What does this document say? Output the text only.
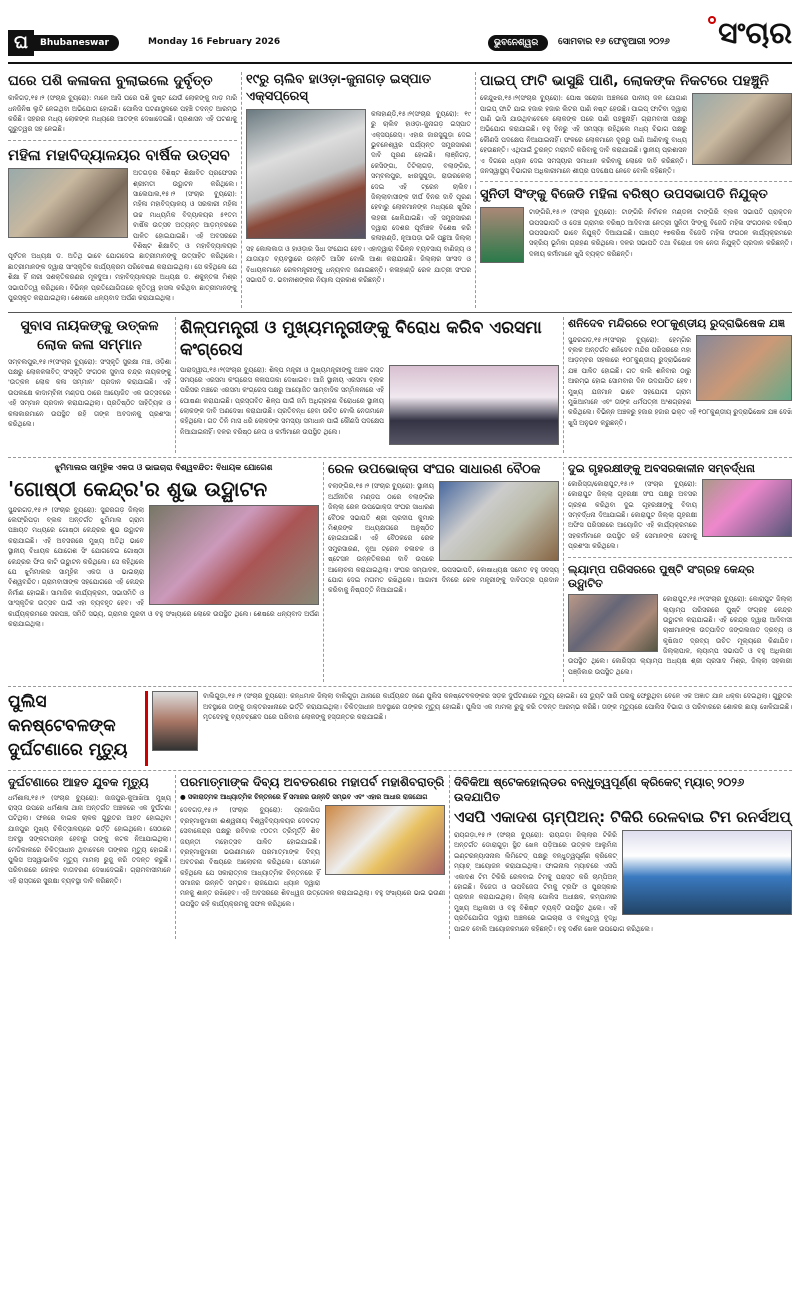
ଘ	Bhubaneswar	Monday 16 February 2026	ଭୁବନେଶ୍ୱର	ସୋମବାର ୧୬ ଫେବୃଆରୀ ୨୦୨୬	ସଂଚାର
ଘରେ ପଶି କଳାକନା ବୁଲାଇଲେ ଦୁର୍ବୃତ୍ତ
କାଳିଗଡ଼,୧୫।୨ (ସଂଚାର ବ୍ୟୁରୋ): ମାଳେ ଆସି ଘରେ ପଶି ଦୁଷ୍ଟ ଯେଉଁ ଲୋକଙ୍କୁ ମାଡ଼ ମାରି ଧନଜିନିଷ ଲୁଟି ନେଇଥିବା ଅଭିଯୋଗ ହୋଇଛି। ପୋଲିସ ଘଟଣାସ୍ଥଳରେ ପହଞ୍ଚି ତଦନ୍ତ ଆରମ୍ଭ କରିଛି। ସହରର ମଧ୍ୟ ଲୋକଙ୍କ ମଧ୍ୟରେ ଆତଙ୍କ ଦେଖାଦେଇଛି। ପ୍ରଶାସନ ଏହି ଘଟଣାକୁ ଗୁରୁତ୍ୱର ସହ ନେଇଛି।
ମହିଳା ମହାବିଦ୍ୟାଳୟର ବାର୍ଷିକ ଉତ୍ସବ
ଅତଗଡ଼ର ବିଶିଷ୍ଟ ଶିକ୍ଷାବିତ ପ୍ରଫେସର ଶ୍ରୀମତୀ ଉଦ୍ଘାଟନ କରିଥିଲେ। ସାଲେପାଲ,୧୫।୨ (ସଂଚାର ବ୍ୟୁରୋ): ମହିଳା ମହାବିଦ୍ୟାଳୟ ଓ ସରକାରୀ ମହିଳା ଉଚ୍ଚ ମାଧ୍ୟମିକ ବିଦ୍ୟାଳୟର ୫୧ତମ ବାର୍ଷିକ ଉତ୍ସବ ଅତ୍ୟନ୍ତ ଆଡ଼ମ୍ବରରେ ପାଳିତ ହୋଇଯାଇଛି। ଏହି ଅବସରରେ ବିଶିଷ୍ଟ ଶିକ୍ଷାବିତ୍ ଓ ମହାବିଦ୍ୟାଳୟର ପୂର୍ବତନ ଅଧ୍ୟକ୍ଷ ଡ. ଅତିଥି ଭାବେ ଯୋଗଦେଇ ଛାତ୍ରୀମାନଙ୍କୁ ଉତ୍ସାହିତ କରିଥିଲେ। ଛାତ୍ରୀମାନଙ୍କ ଦ୍ୱାରା ସାଂସ୍କୃତିକ କାର୍ଯ୍ୟକ୍ରମ ପରିବେଷଣ କରାଯାଇଥିଲା। ସେ କହିଥିଲେ ଯେ ଶିକ୍ଷା ହିଁ ନାରୀ ସଶକ୍ତିକରଣର ମୂଳଦୁଆ। ମହାବିଦ୍ୟାଳୟର ଅଧ୍ୟକ୍ଷ ଡ. ଶକୁନ୍ତଳା ମିଶ୍ର ସଭାପତିତ୍ୱ କରିଥିଲେ। ବିଭିନ୍ନ ପ୍ରତିଯୋଗିତାରେ କୃତିତ୍ୱ ହାସଲ କରିଥିବା ଛାତ୍ରୀମାନଙ୍କୁ ପୁରସ୍କୃତ କରାଯାଇଥିଲା। ଶେଷରେ ଧନ୍ୟବାଦ ଅର୍ପଣ କରାଯାଇଥିଲା।
୧୯ରୁ ଚାଲିବ ହାଓଡ଼ା-ଜୁନାଗଡ଼ ଇସ୍ପାତ ଏକ୍ସପ୍ରେସ୍
କଳାହାଣ୍ଡି,୧୫।୨(ସଂଚାର ବ୍ୟୁରୋ): ୧୯ ରୁ ଚାଲିବ ହାଓଡ଼ା-ଜୁନାଗଡ଼ ଇସ୍ପାତ ଏକ୍ସପ୍ରେସ୍। ଏହାର ଜାରସୁଗୁଡ଼ା ଦେଇ ଭୁବନେଶ୍ୱର ପର୍ଯ୍ୟନ୍ତ ସମ୍ପ୍ରସାରଣ ଦାବି ପୂରଣ ହୋଇଛି। ଲାଞ୍ଜିଗଡ଼, କେସିଙ୍ଗା, ତିଟିଲାଗଡ଼, ବଲାଙ୍ଗିର, ସମ୍ବଲପୁର, ଝାରସୁଗୁଡ଼ା, ରାଉରକେଲା ଦେଇ ଏହି ଟ୍ରେନ ଚାଲିବ। ଜିଲ୍ଲାବାସୀଙ୍କ ଦୀର୍ଘ ଦିନର ଦାବି ପୂରଣ ହେବାରୁ ଲୋକମାନଙ୍କ ମଧ୍ୟରେ ଖୁସିର ଲହରୀ ଖେଳିଯାଇଛି। ଏହି ସମ୍ପ୍ରସାରଣ ଦ୍ୱାରା ଦେଶର ପୂର୍ବାଞ୍ଚଳ ବିଶେଷ କରି କଳାହାଣ୍ଡି, ନୂଆପଡ଼ା ଭଳି ପଛୁଆ ଜିଲ୍ଲା ସହ କୋଲକାତା ଓ ହାଓଡ଼ାର ସିଧା ସଂଯୋଗ ହେବ। ଏହାଦ୍ୱାରା ବିଭିନ୍ନ ବ୍ୟବସାୟ ବାଣିଜ୍ୟ ଓ ଯାତାୟାତ ବ୍ୟବସ୍ଥାରେ ଉନ୍ନତି ଆସିବ ବୋଲି ଆଶା କରାଯାଉଛି। ଜିଲ୍ଲାର ସାଂସଦ ଓ ବିଧାୟକମାନେ ରେଳମନ୍ତ୍ରୀଙ୍କୁ ଧନ୍ୟବାଦ ଜଣାଇଛନ୍ତି। କଳାହାଣ୍ଡି ରେଳ ଯାତ୍ରୀ ସଂଘର ସଭାପତି ଡ. ଭବାନୀଶଙ୍କର ନିୟାଲ ପ୍ରକାଶ କରିଛନ୍ତି।
ପାଇପ୍ ଫାଟି ଭାସୁଛି ପାଣି, ଲୋକଙ୍କ ନିକଟରେ ପହଞ୍ଚୁନି
କେନ୍ଦୁଝର,୧୫।୨(ସଂଚାର ବ୍ୟୁରୋ): ଘୋଷ ସରୋଜା ଅଞ୍ଚଳରେ ପାନୀୟ ଜଳ ଯୋଗାଣ ପାଇପ୍ ଫାଟି ଯାଇ ହଜାର ହଜାର ଲିଟର ପାଣି ନଷ୍ଟ ହେଉଛି। ପାଇପ୍ ଫାଟିବା ଦ୍ୱାରା ପାଣି ଭାସି ଯାଉଥିବାବେଳେ ଲୋକଙ୍କ ଘରେ ପାଣି ପହଞ୍ଚୁନାହିଁ। ଗ୍ରାମବାସୀ ପକ୍ଷରୁ ଅଭିଯୋଗ କରାଯାଇଛି। ବହୁ ଦିନରୁ ଏହି ସମସ୍ୟା ରହିଥିଲେ ମଧ୍ୟ ବିଭାଗ ପକ୍ଷରୁ କୌଣସି ପଦକ୍ଷେପ ନିଆଯାଇନାହିଁ। ଫଳରେ ଲୋକମାନେ ଦୂରରୁ ପାଣି ଆଣିବାକୁ ବାଧ୍ୟ ହେଉଛନ୍ତି। ଏଥିପାଇଁ ତୁରନ୍ତ ମରାମତି କରିବାକୁ ଦାବି କରାଯାଇଛି। ସ୍ଥାନୀୟ ପ୍ରଶାସନ ଏ ଦିଗରେ ଧ୍ୟାନ ଦେଇ ସମସ୍ୟାର ସମାଧାନ କରିବାକୁ ଲୋକେ ଦାବି କରିଛନ୍ତି। ଜନସ୍ୱାସ୍ଥ୍ୟ ବିଭାଗର ଅଧିକାରୀମାନେ ଶୀଘ୍ର ପଦକ୍ଷେପ ନେବେ ବୋଲି କହିଛନ୍ତି।
ସୁନିତୀ ସିଂଙ୍କୁ ବିଜେଡି ମହିଳା ବରିଷ୍ଠ ଉପସଭାପତି ନିଯୁକ୍ତ
ଟାଙ୍ଗିରି,୧୫।୨ (ସଂଚାର ବ୍ୟୁରୋ): ଟାଙ୍ଗିରି ନିର୍ବାଚନ ମଣ୍ଡଳୀ ଟାଙ୍ଗିରି ବ୍ଲକ ସଭାପତି ପ୍ରାକ୍ତନ ଉପସଭାପତି ଓ ଡେଞ୍ଚ ଗ୍ରାମର ବରିଷ୍ଠ ଆଦିବାସୀ ନେତ୍ରୀ ସୁନିତୀ ସିଂଙ୍କୁ ବିଜେଡି ମହିଳା ସଂଗଠନର ବରିଷ୍ଠ ଉପସଭାପତି ଭାବେ ନିଯୁକ୍ତି ଦିଆଯାଇଛି। ପଞ୍ଚାୟତ ୧୭କରିଷ ବିଜେଡି ମହିଳା ସଂଗଠନ କାର୍ଯ୍ୟକ୍ରମରେ ସକ୍ରିୟ ଭୂମିକା ଗ୍ରହଣ କରିଥିଲେ। ଦଳର ସଭାପତି ତଥା ବିରୋଧୀ ଦଳ ନେତା ନିଯୁକ୍ତି ପ୍ରଦାନ କରିଛନ୍ତି। ଦଳୀୟ କର୍ମୀମାନେ ଖୁସି ବ୍ୟକ୍ତ କରିଛନ୍ତି।
ସୁବାସ ନାୟକଙ୍କୁ ଉତ୍କଳ ଲୋକ କଳା ସମ୍ମାନ
ସମ୍ବଲପୁର,୧୫।୨(ସଂଚାର ବ୍ୟୁରୋ): ସଂସ୍କୃତି ସୁରକ୍ଷା ମଞ୍ଚ, ଓଡ଼ିଶା ପକ୍ଷରୁ ଲୋକକଳାବିତ୍ ସଂସ୍କୃତି ସଂଗଠକ ସୁବାସ ଚନ୍ଦ୍ର ନାୟକଙ୍କୁ 'ଉତ୍କଳ ଲୋକ କଳା ସମ୍ମାନ' ପ୍ରଦାନ କରାଯାଇଛି। ଏହି ଉପଲକ୍ଷେ କାଦାମ୍ବିନୀ ମଣ୍ଡପ ଠାରେ ଆୟୋଜିତ ଏକ ଉତ୍ସବରେ ଏହି ସମ୍ମାନ ପ୍ରଦାନ କରାଯାଇଥିଲା। ପ୍ରତିଷ୍ଠିତ ସାହିତ୍ୟିକ ଓ କଳାକାରମାନେ ଉପସ୍ଥିତ ରହି ତାଙ୍କ ଅବଦାନକୁ ପ୍ରଶଂସା କରିଥିଲେ।
ଶିଳ୍ପମନ୍ତ୍ରୀ ଓ ମୁଖ୍ୟମନ୍ତ୍ରୀଙ୍କୁ ବିରୋଧ କରିବ ଏରସମା କଂଗ୍ରେସ
ପାରାଦ୍ୱୀପ,୧୫।୨(ସଂଚାର ବ୍ୟୁରୋ): ଶିଳ୍ପ ମନ୍ତ୍ରୀ ଓ ମୁଖ୍ୟମନ୍ତ୍ରୀଙ୍କୁ ଅଞ୍ଚଳ ଗସ୍ତ ସମୟରେ ଏରସମା କଂଗ୍ରେସ କଳାପତାକା ଦେଖାଇବ। ଆଜି ସ୍ଥାନୀୟ ଏରସମା ବ୍ଲକ ପରିସର ମଞ୍ଚରେ ଏରସମା କଂଗ୍ରେସ ପକ୍ଷରୁ ଆୟୋଜିତ ସାମ୍ବାଦିକ ସମ୍ମିଳନୀରେ ଏହି ଘୋଷଣା କରାଯାଇଛି। ପ୍ରସ୍ତାବିତ ଶିଳ୍ପ ପାଇଁ ଜମି ଅଧିଗ୍ରହଣ ବିରୋଧରେ ସ୍ଥାନୀୟ ଲୋକଙ୍କ ଦାବି ଅଣଦେଖା କରାଯାଉଛି। ପ୍ରତିବନ୍ଧ ହେବା ଉଚିତ ବୋଲି ନେତାମାନେ କହିଥିଲେ। ଗତ ତିନି ମାସ ଧରି ଲୋକଙ୍କ ସମସ୍ୟା ସମାଧାନ ପାଇଁ କୌଣସି ପଦକ୍ଷେପ ନିଆଯାଇନାହିଁ। ଦଳର ବରିଷ୍ଠ ନେତା ଓ କର୍ମୀମାନେ ଉପସ୍ଥିତ ଥିଲେ।
ଶନିଦେବ ମନ୍ଦିରରେ ୧୦୮କୁଣ୍ଡୀୟ ରୁଦ୍ରାଭିଷେକ ଯଜ୍ଞ
ସୁନ୍ଦରଗଡ଼,୧୫।୨(ସଂଚାର ବ୍ୟୁରୋ): ହେମ୍ଗିର ବ୍ଲକ ଅନ୍ତର୍ଗତ ଶନିଦେବ ମନ୍ଦିର ପରିସରରେ ମହା ଆଡ଼ମ୍ବର ସହକାରେ ୧୦୮କୁଣ୍ଡୀୟ ରୁଦ୍ରାଭିଷେକ ଯଜ୍ଞ ପାଳିତ ହୋଇଛି। ଗତ କାଲି ଶନିବାର ଠାରୁ ଆରମ୍ଭ ହୋଇ ସୋମବାର ଦିନ ଉଦଯାପିତ ହେବ। ମୁଖ୍ୟ ଯଜମାନ ଭାବେ ସହଯୋଗୀ ଗ୍ରାମ ମୁଖିଆମାନେ ଏବଂ ତାଙ୍କ ଧର୍ମପତ୍ନୀ ଅଂଶଗ୍ରହଣ କରିଥିଲେ। ବିଭିନ୍ନ ଅଞ୍ଚଳରୁ ହଜାର ହଜାର ଭକ୍ତ ଏହି ୧୦୮କୁଣ୍ଡୀୟ ରୁଦ୍ରାଭିଷେକ ଯଜ୍ଞ ଦେଖି ଖୁସି ଅନୁଭବ କରୁଛନ୍ତି।
ଝୁମିମାଲର ସାମୂହିକ ଏକତା ଓ ଭାଇଚାରା ବିଶ୍ୱବନ୍ଦିତ: ବିଧାୟକ ଯୋଗେଶ
'ଗୋଷ୍ଠୀ କେନ୍ଦ୍ର'ର ଶୁଭ ଉଦ୍ଘାଟନ
ସୁନ୍ଦରଗଡ଼,୧୫।୨ (ସଂଚାର ବ୍ୟୁରୋ): ସୁନ୍ଦରଗଡ଼ ଜିଲ୍ଲା ଲେଫ୍ରିପଡ଼ା ବ୍ଲକ ଅନ୍ତର୍ଗତ ଝୁମିମାଲ ଗ୍ରାମ ପଞ୍ଚାୟତ ମଧ୍ୟରେ ଗୋଷ୍ଠୀ କେନ୍ଦ୍ରର ଶୁଭ ଉଦ୍ଘାଟନ କରାଯାଇଛି। ଏହି ଅବସରରେ ମୁଖ୍ୟ ଅତିଥି ଭାବେ ସ୍ଥାନୀୟ ବିଧାୟକ ଯୋଗେଶ ସିଂ ଯୋଗଦେଇ ଗୋଷ୍ଠୀ କେନ୍ଦ୍ରର ଫିତା କାଟି ଉଦ୍ଘାଟନ କରିଥିଲେ। ସେ କହିଥିଲେ ଯେ ଝୁମିମାଲର ସାମୂହିକ ଏକତା ଓ ଭାଇଚାରା ବିଶ୍ୱବନ୍ଦିତ। ଗ୍ରାମବାସୀଙ୍କ ସହଯୋଗରେ ଏହି କେନ୍ଦ୍ର ନିର୍ମାଣ ହୋଇଛି। ସାମାଜିକ କାର୍ଯ୍ୟକ୍ରମ, ସଭାସମିତି ଓ ସାଂସ୍କୃତିକ ଉତ୍ସବ ପାଇଁ ଏହା ବ୍ୟବହୃତ ହେବ। ଏହି କାର୍ଯ୍ୟକ୍ରମରେ ସରପଞ୍ଚ, ସମିତି ସଭ୍ୟ, ଗ୍ରାମର ମୁରବୀ ଓ ବହୁ ସଂଖ୍ୟାରେ ଲୋକେ ଉପସ୍ଥିତ ଥିଲେ। ଶେଷରେ ଧନ୍ୟବାଦ ଅର୍ପଣ କରାଯାଇଥିଲା।
ରେଳ ଉପଭୋକ୍ତା ସଂଘର ସାଧାରଣ ବୈଠକ
ବଲାଙ୍ଗିର,୧୫।୨ (ସଂଚାର ବ୍ୟୁରୋ): ସ୍ଥାନୀୟ ଅର୍ଥନୀତିକ ମଣ୍ଡପ ଠାରେ ବଲାଙ୍ଗିର ଜିଲ୍ଲା ରେଳ ଉପଭୋକ୍ତା ସଂଘର ସାଧାରଣ ବୈଠକ ସଭାପତି ଶ୍ରୀ ପ୍ରଦୀପ କୁମାର ମିଶ୍ରଙ୍କ ଅଧ୍ୟକ୍ଷତାରେ ଅନୁଷ୍ଠିତ ହୋଇଯାଇଛି। ଏହି ବୈଠକରେ ରେଳ ସମ୍ପ୍ରସାରଣ, ନୂଆ ଟ୍ରେନ ଚଳାଚଳ ଓ ଷ୍ଟେସନ ଉନ୍ନତିକରଣ ଦାବି ଉପରେ ଆଲୋଚନା କରାଯାଇଥିଲା। ସଂଘର ସମ୍ପାଦକ, ଉପସଭାପତି, କୋଷାଧ୍ୟକ୍ଷ ସମେତ ବହୁ ସଦସ୍ୟ ଯୋଗ ଦେଇ ମତାମତ ରଖିଥିଲେ। ଆଗାମୀ ଦିନରେ ରେଳ ମନ୍ତ୍ରୀଙ୍କୁ ଦାବିପତ୍ର ପ୍ରଦାନ କରିବାକୁ ନିଷ୍ପତ୍ତି ନିଆଯାଇଛି।
ଦୁଇ ଗୃହରକ୍ଷୀଙ୍କୁ ଅବସରକାଳୀନ ସମ୍ବର୍ଦ୍ଧନା
କୋରିସ୍ତା/କୋରାପୁଟ,୧୫।୨ (ସଂଚାର ବ୍ୟୁରୋ): କୋରାପୁଟ ଜିଲ୍ଲା ଗୃହରକ୍ଷୀ ସଂଘ ପକ୍ଷରୁ ଅବସର ଗ୍ରହଣ କରିଥିବା ଦୁଇ ଗୃହରକ୍ଷୀଙ୍କୁ ବିଦାୟ ସମ୍ବର୍ଦ୍ଧନା ଦିଆଯାଇଛି। କୋରାପୁଟ ଜିଲ୍ଲା ଗୃହରକ୍ଷୀ ଅଫିସ ପରିସରରେ ଆୟୋଜିତ ଏହି କାର୍ଯ୍ୟକ୍ରମରେ ସହକର୍ମୀମାନେ ଉପସ୍ଥିତ ରହି ସେମାନଙ୍କ ସେବାକୁ ପ୍ରଶଂସା କରିଥିଲେ।
ଲ୍ୟାମ୍ପ ପରିସରରେ ପୁଷ୍ଟି ସଂଗ୍ରହ କେନ୍ଦ୍ର ଉଦ୍ଘାଟିତ
କୋରାପୁଟ,୧୫।୨(ସଂଚାର ବ୍ୟୁରୋ): କୋରାପୁଟ ଜିଲ୍ଲା ଲ୍ୟାମ୍ପ ପରିସରରେ ପୁଷ୍ଟି ସଂଗ୍ରହ କେନ୍ଦ୍ର ଉଦ୍ଘାଟନ କରାଯାଇଛି। ଏହି କେନ୍ଦ୍ର ଦ୍ୱାରା ଆଦିବାସୀ ଚାଷୀମାନଙ୍କ ଉତ୍ପାଦିତ ଜଙ୍ଗଲଜାତ ଦ୍ରବ୍ୟ ଓ କୃଷିଜାତ ଦ୍ରବ୍ୟ ଉଚିତ ମୂଲ୍ୟରେ କିଣାଯିବ। ଜିଲ୍ଲାପାଳ, ଲ୍ୟାମ୍ପ ସଭାପତି ଓ ବହୁ ଅଧିକାରୀ ଉପସ୍ଥିତ ଥିଲେ। କୋରିସ୍ତା ଲ୍ୟାମ୍ପ ଅଧ୍ୟକ୍ଷ ଶ୍ରୀ ପ୍ରସାଦ ମିଶ୍ର, ଜିଲ୍ଲା ସହକାରୀ ପଞ୍ଜିକାର ଉପସ୍ଥିତ ଥିଲେ।
ପୁଲିସ କନଷ୍ଟେବଳଙ୍କ ଦୁର୍ଘଟଣାରେ ମୃତ୍ୟୁ
ବାଲିଗୁଡ଼ା,୧୫।୨ (ସଂଚାର ବ୍ୟୁରୋ): କନ୍ଧମାଳ ଜିଲ୍ଲା ବାଲିଗୁଡ଼ା ଥାନାରେ କାର୍ଯ୍ୟରତ ଜଣେ ପୁଲିସ କନଷ୍ଟେବଳଙ୍କର ସଡ଼କ ଦୁର୍ଘଟଣାରେ ମୃତ୍ୟୁ ହୋଇଛି। ସେ ଡ୍ୟୁଟି ସାରି ଘରକୁ ଫେରୁଥିବା ବେଳେ ଏକ ଅଜ୍ଞାତ ଯାନ ଧକ୍କା ଦେଇଥିଲା। ଗୁରୁତର ଅବସ୍ଥାରେ ତାଙ୍କୁ ଡାକ୍ତରଖାନାରେ ଭର୍ତ୍ତି କରାଯାଇଥିଲା। ଚିକିତ୍ସାଧୀନ ଅବସ୍ଥାରେ ତାଙ୍କର ମୃତ୍ୟୁ ହୋଇଛି। ପୁଲିସ ଏକ ମାମଲା ରୁଜୁ କରି ତଦନ୍ତ ଆରମ୍ଭ କରିଛି। ତାଙ୍କ ମୃତ୍ୟୁରେ ପୋଲିସ ବିଭାଗ ଓ ପରିବାରରେ ଶୋକର ଛାୟା ଖେଳିଯାଇଛି। ମୃତଦେହକୁ ବ୍ୟବଚ୍ଛେଦ ପରେ ପରିବାର ଲୋକଙ୍କୁ ହସ୍ତାନ୍ତର କରାଯାଇଛି।
ଦୁର୍ଘଟଣାରେ ଆହତ ଯୁବକ ମୃତ୍ୟୁ
ଧର୍ମଶାଳା,୧୫।୨ (ସଂଚାର ବ୍ୟୁରୋ): ଜାଜପୁର-କୁଆଖିଆ ମୁଖ୍ୟ ରାସ୍ତା ଉପରେ ଧର୍ମଶାଳା ଥାନା ଅନ୍ତର୍ଗତ ଅଞ୍ଚଳରେ ଏକ ଦୁର୍ଘଟଣା ଘଟିଥିଲା। ଫଳରେ ବାଇକ ଚାଳକ ଗୁରୁତର ଆହତ ହୋଇଥିବା ଯାଜପୁର ମୁଖ୍ୟ ଚିକିତ୍ସାଳୟରେ ଭର୍ତ୍ତି ହୋଇଥିଲେ। ସେଠାରେ ଅବସ୍ଥା ସଙ୍କଟାପନ୍ନ ହେବାରୁ ତାଙ୍କୁ କଟକ ନିଆଯାଇଥିଲା। ମେଡିକାଲରେ ଚିକିତ୍ସାଧୀନ ଥିବାବେଳେ ତାଙ୍କର ମୃତ୍ୟୁ ହୋଇଛି। ପୁଲିସ ଅସ୍ୱାଭାବିକ ମୃତ୍ୟୁ ମାମଲା ରୁଜୁ କରି ତଦନ୍ତ କରୁଛି। ପରିବାରରେ କୋହର ବାତାବରଣ ଦେଖାଦେଇଛି। ଗ୍ରାମବାସୀମାନେ ଏହି ରାସ୍ତାରେ ସୁରକ୍ଷା ବ୍ୟବସ୍ଥା ଦାବି କରିଛନ୍ତି।
ପରମାତ୍ମାଙ୍କ ଦିବ୍ୟ ଅବତରଣର ମହାପର୍ବ ମହାଶିବରାତ୍ରି
● ସକାରାତ୍ମକ ଆଧ୍ୟାତ୍ମିକ ଚିନ୍ତନରେ ହିଁ ସମାଜର ଉନ୍ନତି ସମ୍ଭବ ଏବଂ ଏହାର ଆଧାର ରାଜଯୋଗ
ଦେବଗଡ଼,୧୫।୨ (ସଂଚାର ବ୍ୟୁରୋ): ପ୍ରଜାପିତା ବ୍ରହ୍ମାକୁମାରୀ ଈଶ୍ୱରୀୟ ବିଶ୍ୱବିଦ୍ୟାଳୟର ଦେବଗଡ଼ ସେବାକେନ୍ଦ୍ର ପକ୍ଷରୁ ରବିବାର ୯୦ତମ ତ୍ରିମୂର୍ତ୍ତି ଶିବ ଜୟନ୍ତୀ ମହୋତ୍ସବ ପାଳିତ ହୋଇଯାଇଛି। ବ୍ରହ୍ମାକୁମାରୀ ଭଉଣୀମାନେ ପରମାତ୍ମାଙ୍କ ଦିବ୍ୟ ଅବତରଣ ବିଷୟରେ ଆଲୋଚନା କରିଥିଲେ। ସେମାନେ କହିଥିଲେ ଯେ ସକାରାତ୍ମକ ଆଧ୍ୟାତ୍ମିକ ଚିନ୍ତନରେ ହିଁ ସମାଜର ଉନ୍ନତି ସମ୍ଭବ। ରାଜଯୋଗ ଧ୍ୟାନ ଦ୍ୱାରା ମନକୁ ଶାନ୍ତ ରଖିହେବ। ଏହି ଅବସରରେ ଶିବଧ୍ୱଜ ଉତ୍ତୋଳନ କରାଯାଇଥିଲା। ବହୁ ସଂଖ୍ୟାରେ ଭାଇ ଭଉଣୀ ଉପସ୍ଥିତ ରହି କାର୍ଯ୍ୟକ୍ରମକୁ ସଫଳ କରିଥିଲେ।
ଦିବିକିଆ ଷ୍ଟେକହୋଲ୍ଡର ବନ୍ଧୁତ୍ୱପୂର୍ଣ୍ଣ କ୍ରିକେଟ୍ ମ୍ୟାଚ୍ ୨୦୨୬ ଉଦଯାପିତ
ଏସପି ଏକାଦଶ ଚାମ୍ପିଅନ୍: ଟିକିରି ରେଳବାଇ ଟିମ ରନର୍ସଅପ୍
ରାୟଗଡ଼ା,୧୫।୨ (ସଂଚାର ବ୍ୟୁରୋ): ରାୟଗଡ଼ା ଜିଲ୍ଲାର ଟିକିରି ଅନ୍ତର୍ଗତ ଡୋରାଗୁଡ଼ା ସ୍ଥିତ ଖେଳ ପଡ଼ିଆରେ ଉତ୍କଳ ଆଲୁମିନା ଇଣ୍ଟରନ୍ୟାସନାଲ ଲିମିଟେଡ୍ ପକ୍ଷରୁ ବନ୍ଧୁତ୍ୱପୂର୍ଣ୍ଣ କ୍ରିକେଟ୍ ମ୍ୟାଚ୍ ଆୟୋଜନ କରାଯାଇଥିଲା। ଫାଇନାଲ ମ୍ୟାଚରେ ଏସପି ଏକାଦଶ ଟିମ ଟିକିରି ରେଳବାଇ ଟିମକୁ ପରାସ୍ତ କରି ଚାମ୍ପିଅନ୍ ହୋଇଛି। ବିଜେତା ଓ ଉପବିଜେତା ଟିମକୁ ଟ୍ରଫି ଓ ପୁରସ୍କାର ପ୍ରଦାନ କରାଯାଇଥିଲା। ଜିଲ୍ଲା ପୋଲିସ ଅଧୀକ୍ଷକ, କମ୍ପାନୀର ମୁଖ୍ୟ ଅଧିକାରୀ ଓ ବହୁ ବିଶିଷ୍ଟ ବ୍ୟକ୍ତି ଉପସ୍ଥିତ ଥିଲେ। ଏହି ପ୍ରତିଯୋଗିତା ଦ୍ୱାରା ଅଞ୍ଚଳରେ ଭାଇଚାରା ଓ ବନ୍ଧୁତ୍ୱ ବୃଦ୍ଧି ପାଇବ ବୋଲି ଆୟୋଜକମାନେ କହିଛନ୍ତି। ବହୁ ଦର୍ଶକ ଖେଳ ଉପଭୋଗ କରିଥିଲେ।
